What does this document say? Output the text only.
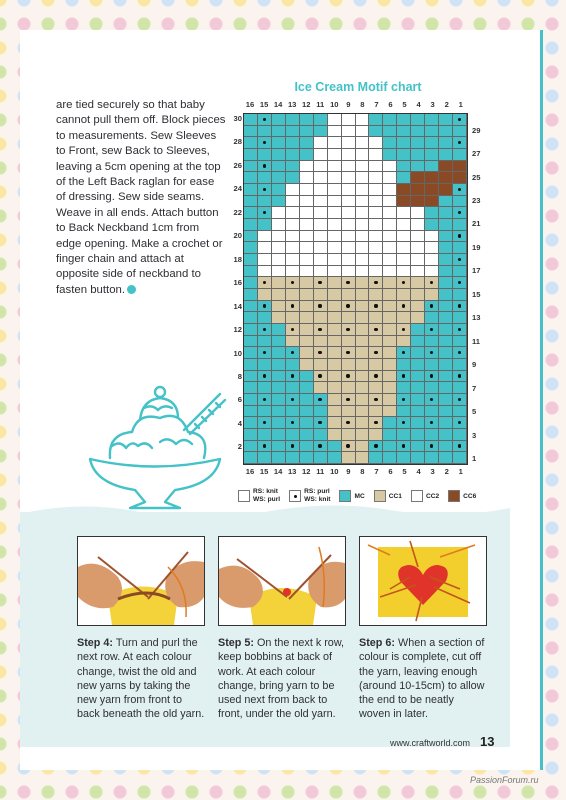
are tied securely so that baby cannot pull them off. Block pieces to measurements. Sew Sleeves to Front, sew Back to Sleeves, leaving a 5cm opening at the top of the Left Back raglan for ease of dressing. Sew side seams. Weave in all ends. Attach button to Back Neckband 1cm from edge opening. Make a crochet or finger chain and attach at opposite side of neckband to fasten button.
Ice Cream Motif chart
16 15 14 13 12 11 10	9	8	7	6	5	4	3	2	1
16 15 14 13 12 11 10	9	8	7	6	5	4	3	2	1
30
28
26
24
22
20
18
16
14
12
10
8
6
4
2
29
27
25
23
21
19
17
15
13
11
9
7
5
3
1
RS: knit
WS: purl
RS: purl
WS: knit	MC	CC1	CC2	CC6
Step 4: Turn and purl the next row. At each colour change, twist the old and new yarns by taking the new yarn from front to back beneath the old yarn.
Step 5: On the next k row, keep bobbins at back of work. At each colour change, bring yarn to be used next from back to front, under the old yarn.
Step 6: When a section of colour is complete, cut off the yarn, leaving enough (around 10-15cm) to allow the end to be neatly woven in later.
www.craftworld.com 13
PassionForum.ru
